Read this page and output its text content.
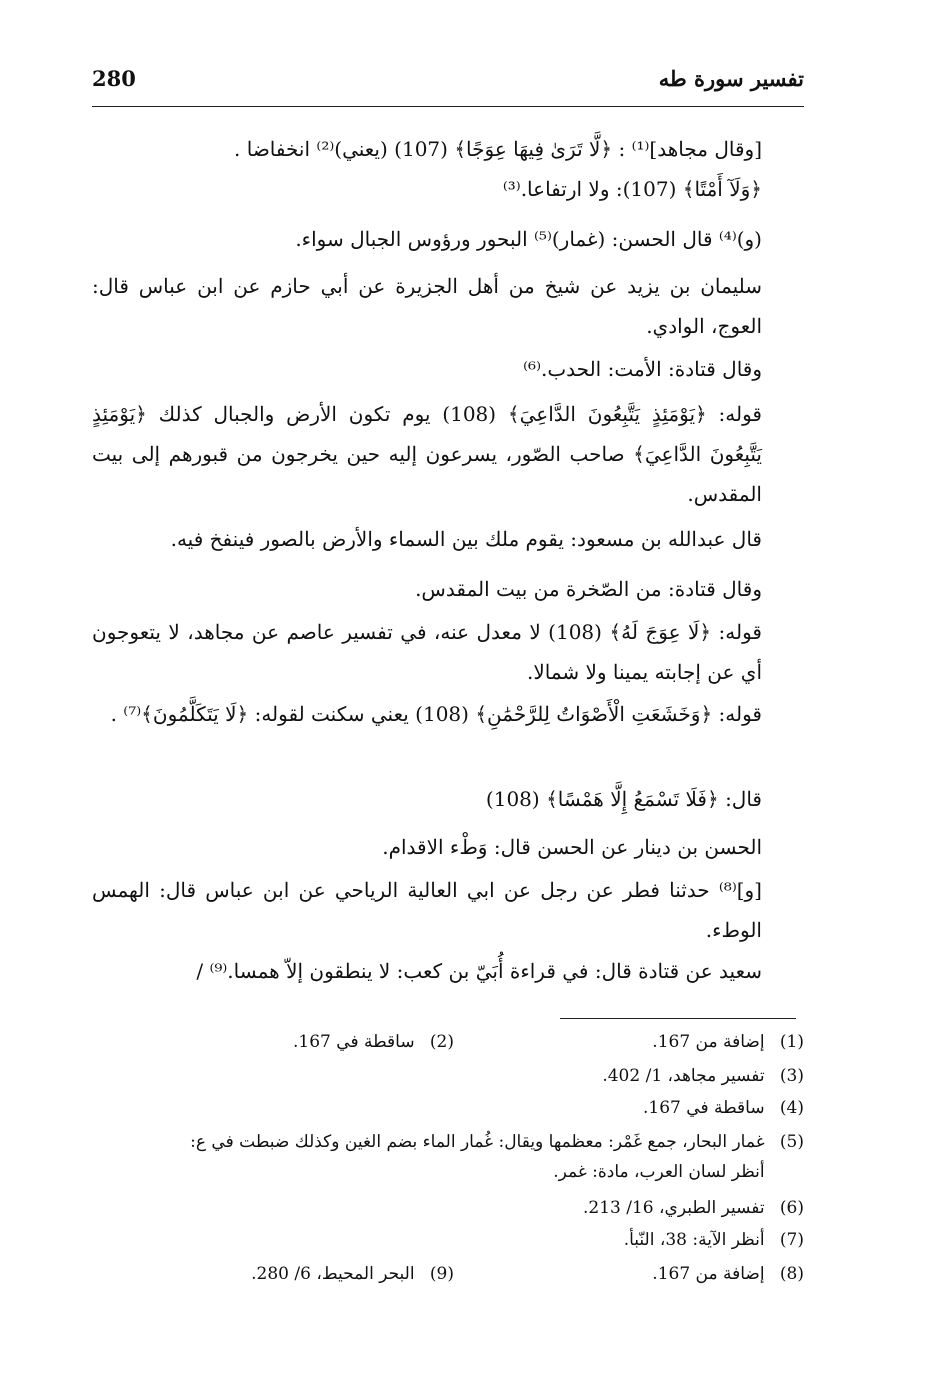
280	تفسير سورة طه
[وقال مجاهد]⁽¹⁾ : ﴿لَّا تَرَىٰ فِيهَا عِوَجًا﴾ (107) (يعني)⁽²⁾ انخفاضا .
﴿وَلَآ أَمْتًا﴾ (107): ولا ارتفاعا.⁽³⁾
(و)⁽⁴⁾ قال الحسن: (غمار)⁽⁵⁾ البحور ورؤوس الجبال سواء.
سليمان بن يزيد عن شيخ من أهل الجزيرة عن أبي حازم عن ابن عباس قال: العوج، الوادي.
وقال قتادة: الأمت: الحدب.⁽⁶⁾
قوله: ﴿يَوْمَئِذٍ يَتَّبِعُونَ الدَّاعِيَ﴾ (108) يوم تكون الأرض والجبال كذلك ﴿يَوْمَئِذٍ يَتَّبِعُونَ الدَّاعِيَ﴾ صاحب الصّور، يسرعون إليه حين يخرجون من قبورهم إلى بيت المقدس.
قال عبدالله بن مسعود: يقوم ملك بين السماء والأرض بالصور فينفخ فيه.
وقال قتادة: من الصّخرة من بيت المقدس.
قوله: ﴿لَا عِوَجَ لَهُ﴾ (108) لا معدل عنه، في تفسير عاصم عن مجاهد، لا يتعوجون أي عن إجابته يمينا ولا شمالا.
قوله: ﴿وَخَشَعَتِ الْأَصْوَاتُ لِلرَّحْمَٰنِ﴾ (108) يعني سكنت لقوله: ﴿لَا يَتَكَلَّمُونَ﴾⁽⁷⁾ .
قال: ﴿فَلَا تَسْمَعُ إِلَّا هَمْسًا﴾ (108)
الحسن بن دينار عن الحسن قال: وَطْء الاقدام.
[و]⁽⁸⁾ حدثنا فطر عن رجل عن ابي العالية الرياحي عن ابن عباس قال: الهمس الوطء.
سعيد عن قتادة قال: في قراءة أُبَيّ بن كعب: لا ينطقون إلاّ همسا.⁽⁹⁾ /
(1) إضافة من 167.
(2) ساقطة في 167.
(3) تفسير مجاهد، 1/ 402.
(4) ساقطة في 167.
(5) غمار البحار، جمع غَمْر: معظمها ويقال: غُمار الماء بضم الغين وكذلك ضبطت في ع:
أنظر لسان العرب، مادة: غمر.
(6) تفسير الطبري، 16/ 213.
(7) أنظر الآية: 38، النّبأ.
(8) إضافة من 167.
(9) البحر المحيط، 6/ 280.
